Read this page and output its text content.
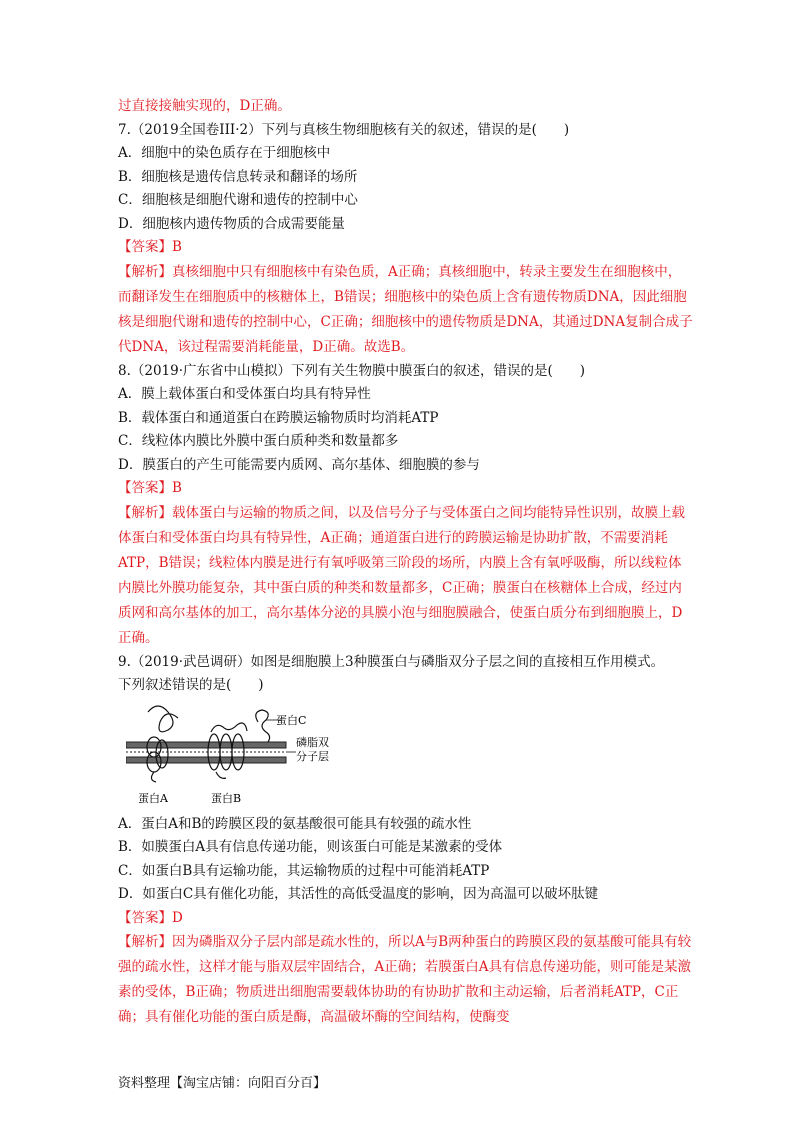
过直接接触实现的，D正确。
7.（2019全国卷III·2）下列与真核生物细胞核有关的叙述，错误的是(　　)
A．细胞中的染色质存在于细胞核中
B．细胞核是遗传信息转录和翻译的场所
C．细胞核是细胞代谢和遗传的控制中心
D．细胞核内遗传物质的合成需要能量
【答案】B
【解析】真核细胞中只有细胞核中有染色质，A正确；真核细胞中，转录主要发生在细胞核中，而翻译发生在细胞质中的核糖体上，B错误；细胞核中的染色质上含有遗传物质DNA，因此细胞核是细胞代谢和遗传的控制中心，C正确；细胞核中的遗传物质是DNA，其通过DNA复制合成子代DNA，该过程需要消耗能量，D正确。故选B。
8.（2019·广东省中山模拟）下列有关生物膜中膜蛋白的叙述，错误的是(　　)
A．膜上载体蛋白和受体蛋白均具有特异性
B．载体蛋白和通道蛋白在跨膜运输物质时均消耗ATP
C．线粒体内膜比外膜中蛋白质种类和数量都多
D．膜蛋白的产生可能需要内质网、高尔基体、细胞膜的参与
【答案】B
【解析】载体蛋白与运输的物质之间，以及信号分子与受体蛋白之间均能特异性识别，故膜上载体蛋白和受体蛋白均具有特异性，A正确；通道蛋白进行的跨膜运输是协助扩散，不需要消耗ATP，B错误；线粒体内膜是进行有氧呼吸第三阶段的场所，内膜上含有氧呼吸酶，所以线粒体内膜比外膜功能复杂，其中蛋白质的种类和数量都多，C正确；膜蛋白在核糖体上合成，经过内质网和高尔基体的加工，高尔基体分泌的具膜小泡与细胞膜融合，使蛋白质分布到细胞膜上，D正确。
9.（2019·武邑调研）如图是细胞膜上3种膜蛋白与磷脂双分子层之间的直接相互作用模式。
下列叙述错误的是(　　)
蛋白C
磷脂双
分子层
蛋白A	蛋白B
A．蛋白A和B的跨膜区段的氨基酸很可能具有较强的疏水性
B．如膜蛋白A具有信息传递功能，则该蛋白可能是某激素的受体
C．如蛋白B具有运输功能，其运输物质的过程中可能消耗ATP
D．如蛋白C具有催化功能，其活性的高低受温度的影响，因为高温可以破坏肽键
【答案】D
【解析】因为磷脂双分子层内部是疏水性的，所以A与B两种蛋白的跨膜区段的氨基酸可能具有较强的疏水性，这样才能与脂双层牢固结合，A正确；若膜蛋白A具有信息传递功能，则可能是某激素的受体，B正确；物质进出细胞需要载体协助的有协助扩散和主动运输，后者消耗ATP，C正确；具有催化功能的蛋白质是酶，高温破坏酶的空间结构，使酶变
资料整理【淘宝店铺：向阳百分百】
